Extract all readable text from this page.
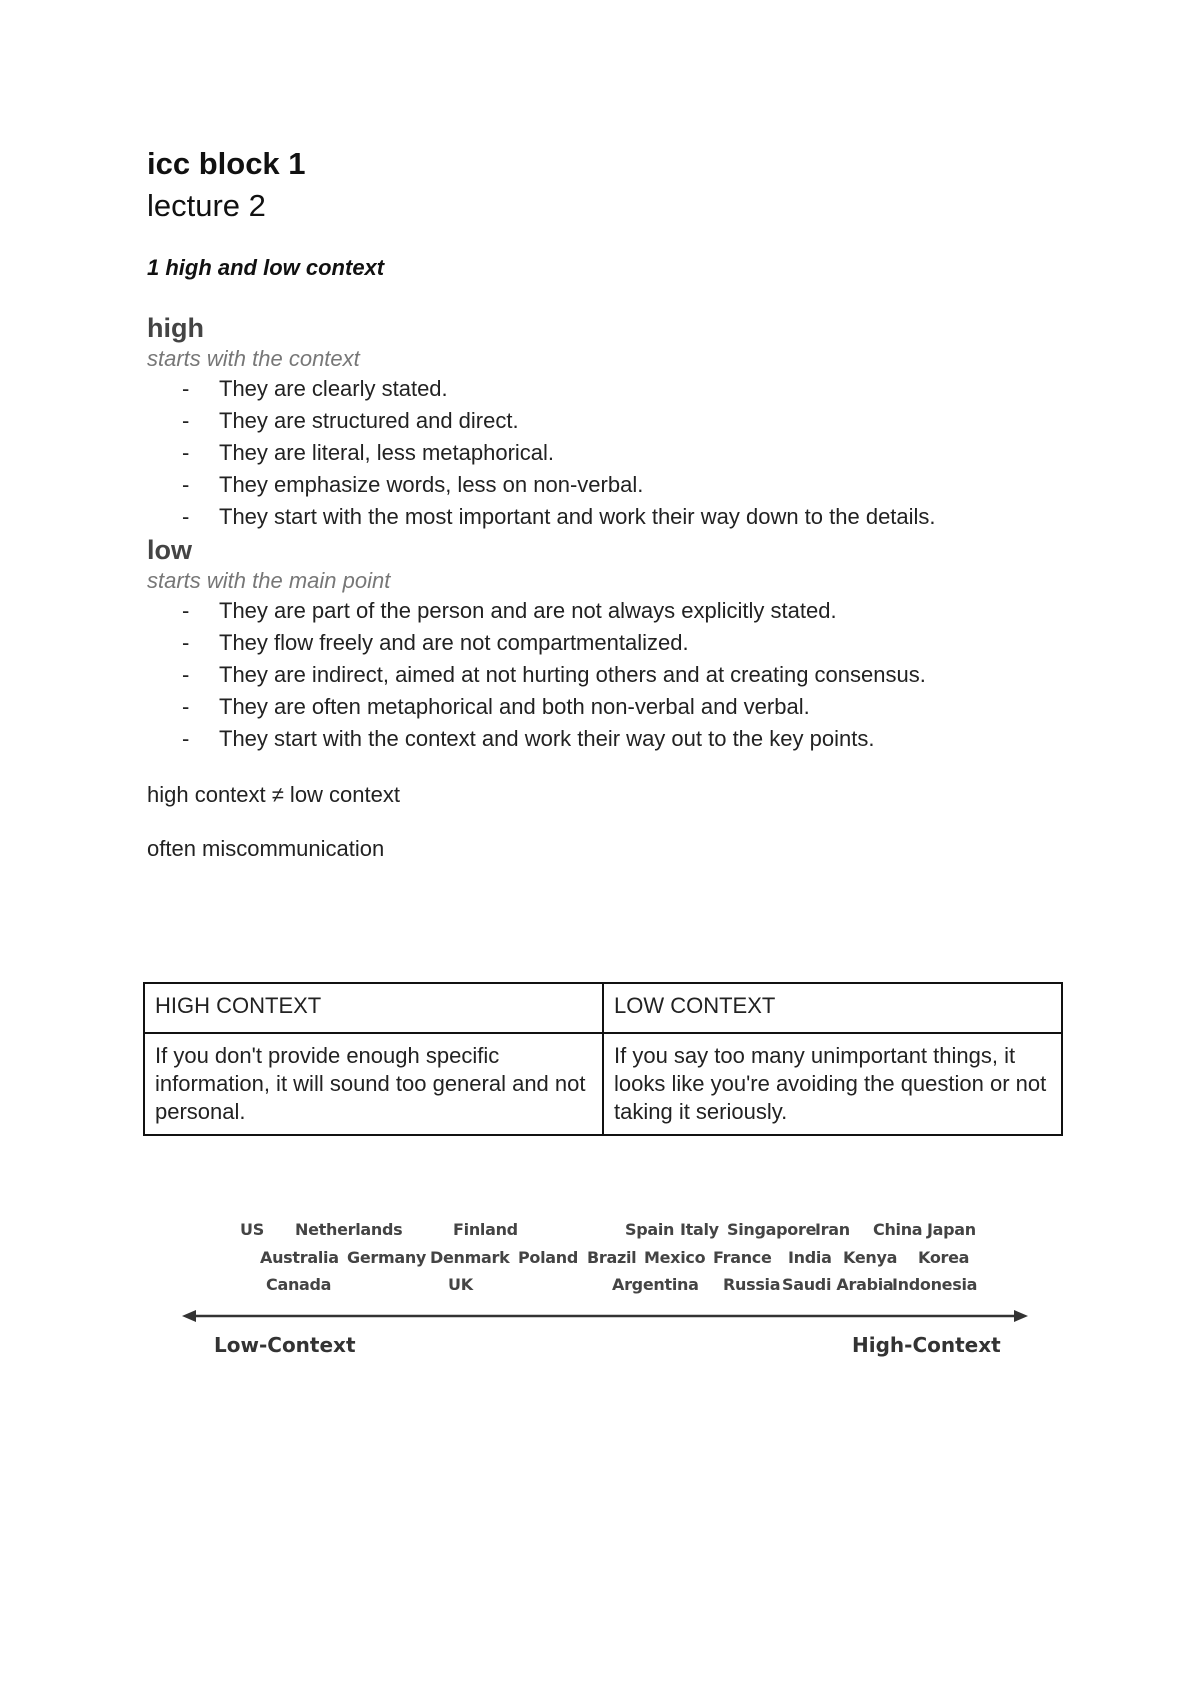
icc block 1
lecture 2
1 high and low context
high
starts with the context
- They are clearly stated.
- They are structured and direct.
- They are literal, less metaphorical.
- They emphasize words, less on non-verbal.
- They start with the most important and work their way down to the details.
low
starts with the main point
- They are part of the person and are not always explicitly stated.
- They flow freely and are not compartmentalized.
- They are indirect, aimed at not hurting others and at creating consensus.
- They are often metaphorical and both non-verbal and verbal.
- They start with the context and work their way out to the key points.
high context ≠ low context
often miscommunication
HIGH CONTEXT	LOW CONTEXT
If you don't provide enough specific information, it will sound too general and not personal.	If you say too many unimportant things, it looks like you're avoiding the question or not taking it seriously.
US Netherlands	Finland	Spain Italy Singapore
Iran China Japan
Australia Germany Denmark Poland Brazil Mexico France India Kenya Korea
Canada	UK	Argentina Russia Saudi Arabia
Indonesia
Low-Context	High-Context
